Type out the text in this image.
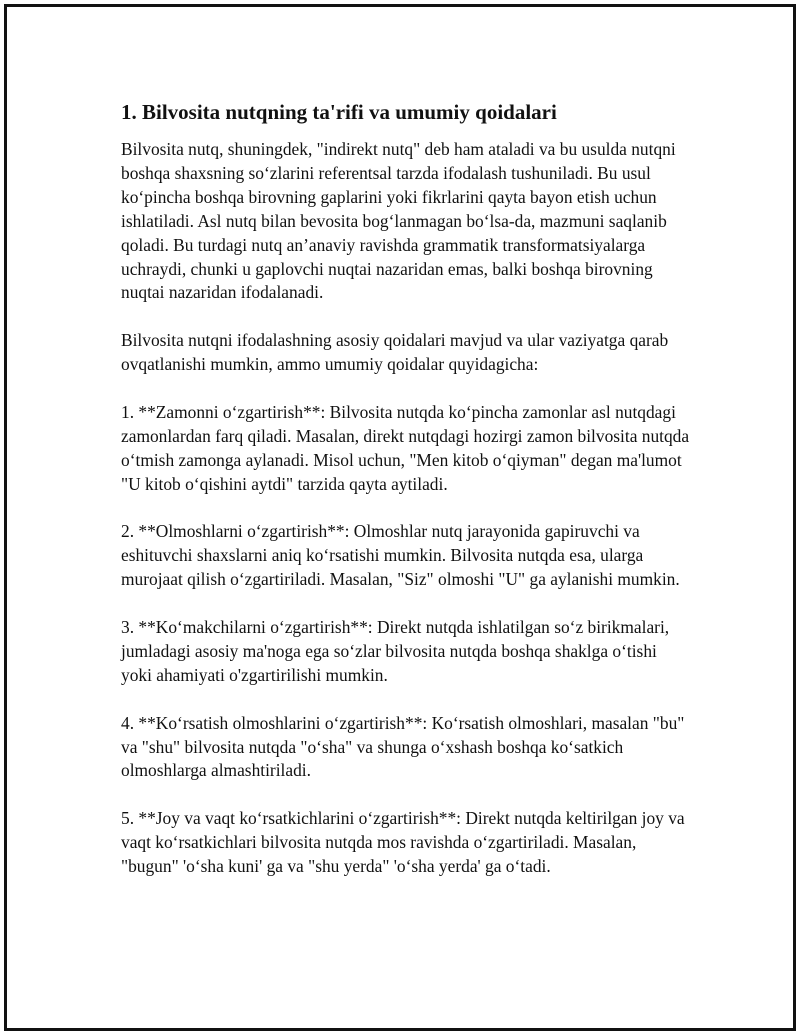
1. Bilvosita nutqning ta'rifi va umumiy qoidalari

Bilvosita nutq, shuningdek, "indirekt nutq" deb ham ataladi va bu usulda nutqni boshqa shaxsning so‘zlarini referentsal tarzda ifodalash tushuniladi. Bu usul ko‘pincha boshqa birovning gaplarini yoki fikrlarini qayta bayon etish uchun ishlatiladi. Asl nutq bilan bevosita bog‘lanmagan bo‘lsa-da, mazmuni saqlanib qoladi. Bu turdagi nutq an’anaviy ravishda grammatik transformatsiyalarga uchraydi, chunki u gaplovchi nuqtai nazaridan emas, balki boshqa birovning nuqtai nazaridan ifodalanadi.

Bilvosita nutqni ifodalashning asosiy qoidalari mavjud va ular vaziyatga qarab ovqatlanishi mumkin, ammo umumiy qoidalar quyidagicha:

1. **Zamonni o‘zgartirish**: Bilvosita nutqda ko‘pincha zamonlar asl nutqdagi zamonlardan farq qiladi. Masalan, direkt nutqdagi hozirgi zamon bilvosita nutqda o‘tmish zamonga aylanadi. Misol uchun, "Men kitob o‘qiyman" degan ma'lumot "U kitob o‘qishini aytdi" tarzida qayta aytiladi.

2. **Olmoshlarni o‘zgartirish**: Olmoshlar nutq jarayonida gapiruvchi va eshituvchi shaxslarni aniq ko‘rsatishi mumkin. Bilvosita nutqda esa, ularga murojaat qilish o‘zgartiriladi. Masalan, "Siz" olmoshi "U" ga aylanishi mumkin.

3. **Ko‘makchilarni o‘zgartirish**: Direkt nutqda ishlatilgan so‘z birikmalari, jumladagi asosiy ma'noga ega so‘zlar bilvosita nutqda boshqa shaklga o‘tishi yoki ahamiyati o'zgartirilishi mumkin.

4. **Ko‘rsatish olmoshlarini o‘zgartirish**: Ko‘rsatish olmoshlari, masalan "bu" va "shu" bilvosita nutqda "o‘sha" va shunga o‘xshash boshqa ko‘satkich olmoshlarga almashtiriladi.

5. **Joy va vaqt ko‘rsatkichlarini o‘zgartirish**: Direkt nutqda keltirilgan joy va vaqt ko‘rsatkichlari bilvosita nutqda mos ravishda o‘zgartiriladi. Masalan, "bugun" 'o‘sha kuni' ga va "shu yerda" 'o‘sha yerda' ga o‘tadi.
